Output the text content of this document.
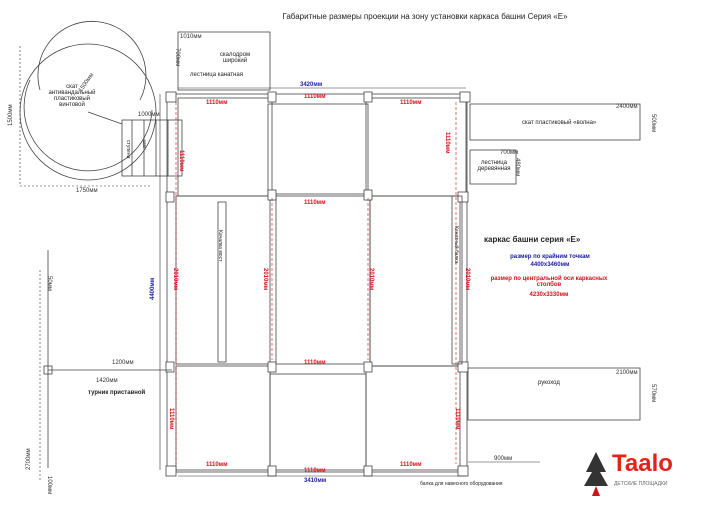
Габаритные размеры проекции на зону установки каркаса башни Серия «Е»
1010мм
700мм	скалодром широкий
лестница канатная
скат антивандальный пластиковый винтовой
1500мм
1500мм
1750мм
1000мм
3420мм
3410мм
4400мм
1110мм
1110мм
1110мм
1110мм
1110мм
1110мм
1110мм
1110мм
1110мм
1110мм
1110мм	1110мм
2010мм	2010мм	2010мм	2010мм
900мм
балка для навесного оборудования
2400мм
500мм
скат пластиковый «волна»
700мм
480мм
лестница деревянная
каркас башни серия «Е»
размер по крайним точкам
4400x3460мм
размер по центральной оси каркасных столбов
4230x3330мм
2100мм
570мм
рукоход
1200мм
1420мм
турник приставной
50мм
2700мм
100мм
Качалка мост	Канатный балка
ступени шаг
Taalo
ДЕТСКИЕ ПЛОЩАДКИ
